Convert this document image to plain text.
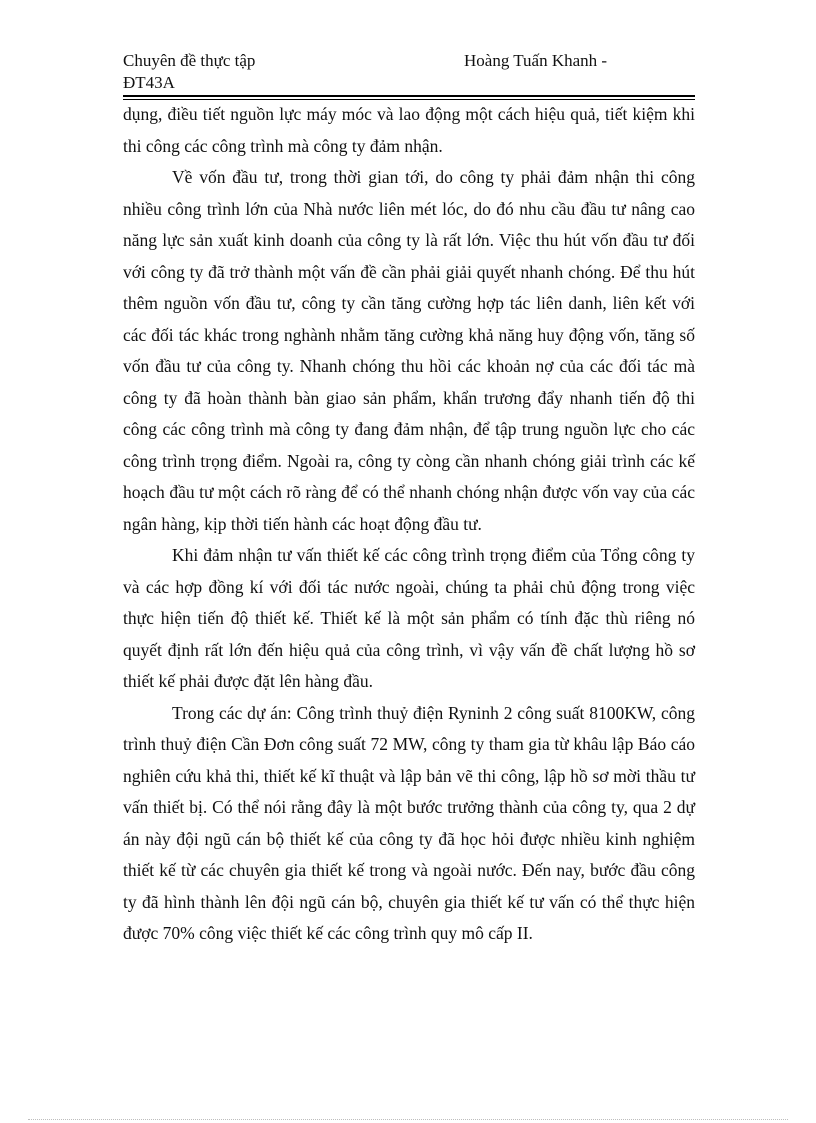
Chuyên đề thực tập	Hoàng Tuấn Khanh -
ĐT43A

dụng, điều tiết nguồn lực máy móc và lao động một cách hiệu quả, tiết kiệm khi thi công các công trình mà công ty đảm nhận.

Về vốn đầu tư, trong thời gian tới, do công ty phải đảm nhận thi công nhiều công trình lớn của Nhà nước liên mét lóc, do đó nhu cầu đầu tư nâng cao năng lực sản xuất kinh doanh của công ty là rất lớn. Việc thu hút vốn đầu tư đối với công ty đã trở thành một vấn đề cần phải giải quyết nhanh chóng. Để thu hút thêm nguồn vốn đầu tư, công ty cần tăng cường hợp tác liên danh, liên kết với các đối tác khác trong nghành nhằm tăng cường khả năng huy động vốn, tăng số vốn đầu tư của công ty. Nhanh chóng thu hồi các khoản nợ của các đối tác mà công ty đã hoàn thành bàn giao sản phẩm, khẩn trương đẩy nhanh tiến độ thi công các công trình mà công ty đang đảm nhận, để tập trung nguồn lực cho các công trình trọng điểm. Ngoài ra, công ty còng cần nhanh chóng giải trình các kế hoạch đầu tư một cách rõ ràng để có thể nhanh chóng nhận được vốn vay của các ngân hàng, kịp thời tiến hành các hoạt động đầu tư.

Khi đảm nhận tư vấn thiết kế các công trình trọng điểm của Tổng công ty và các hợp đồng kí với đối tác nước ngoài, chúng ta phải chủ động trong việc thực hiện tiến độ thiết kế. Thiết kế là một sản phẩm có tính đặc thù riêng nó quyết định rất lớn đến hiệu quả của công trình, vì vậy vấn đề chất lượng hồ sơ thiết kế phải được đặt lên hàng đầu.

Trong các dự án: Công trình thuỷ điện Ryninh 2 công suất 8100KW, công trình thuỷ điện Cần Đơn công suất 72 MW, công ty tham gia từ khâu lập Báo cáo nghiên cứu khả thi, thiết kế kĩ thuật và lập bản vẽ thi công, lập hồ sơ mời thầu tư vấn thiết bị. Có thể nói rằng đây là một bước trưởng thành của công ty, qua 2 dự án này đội ngũ cán bộ thiết kế của công ty đã học hỏi được nhiều kinh nghiệm thiết kế từ các chuyên gia thiết kế trong và ngoài nước. Đến nay, bước đầu công ty đã hình thành lên đội ngũ cán bộ, chuyên gia thiết kế tư vấn có thể thực hiện được 70% công việc thiết kế các công trình quy mô cấp II.
